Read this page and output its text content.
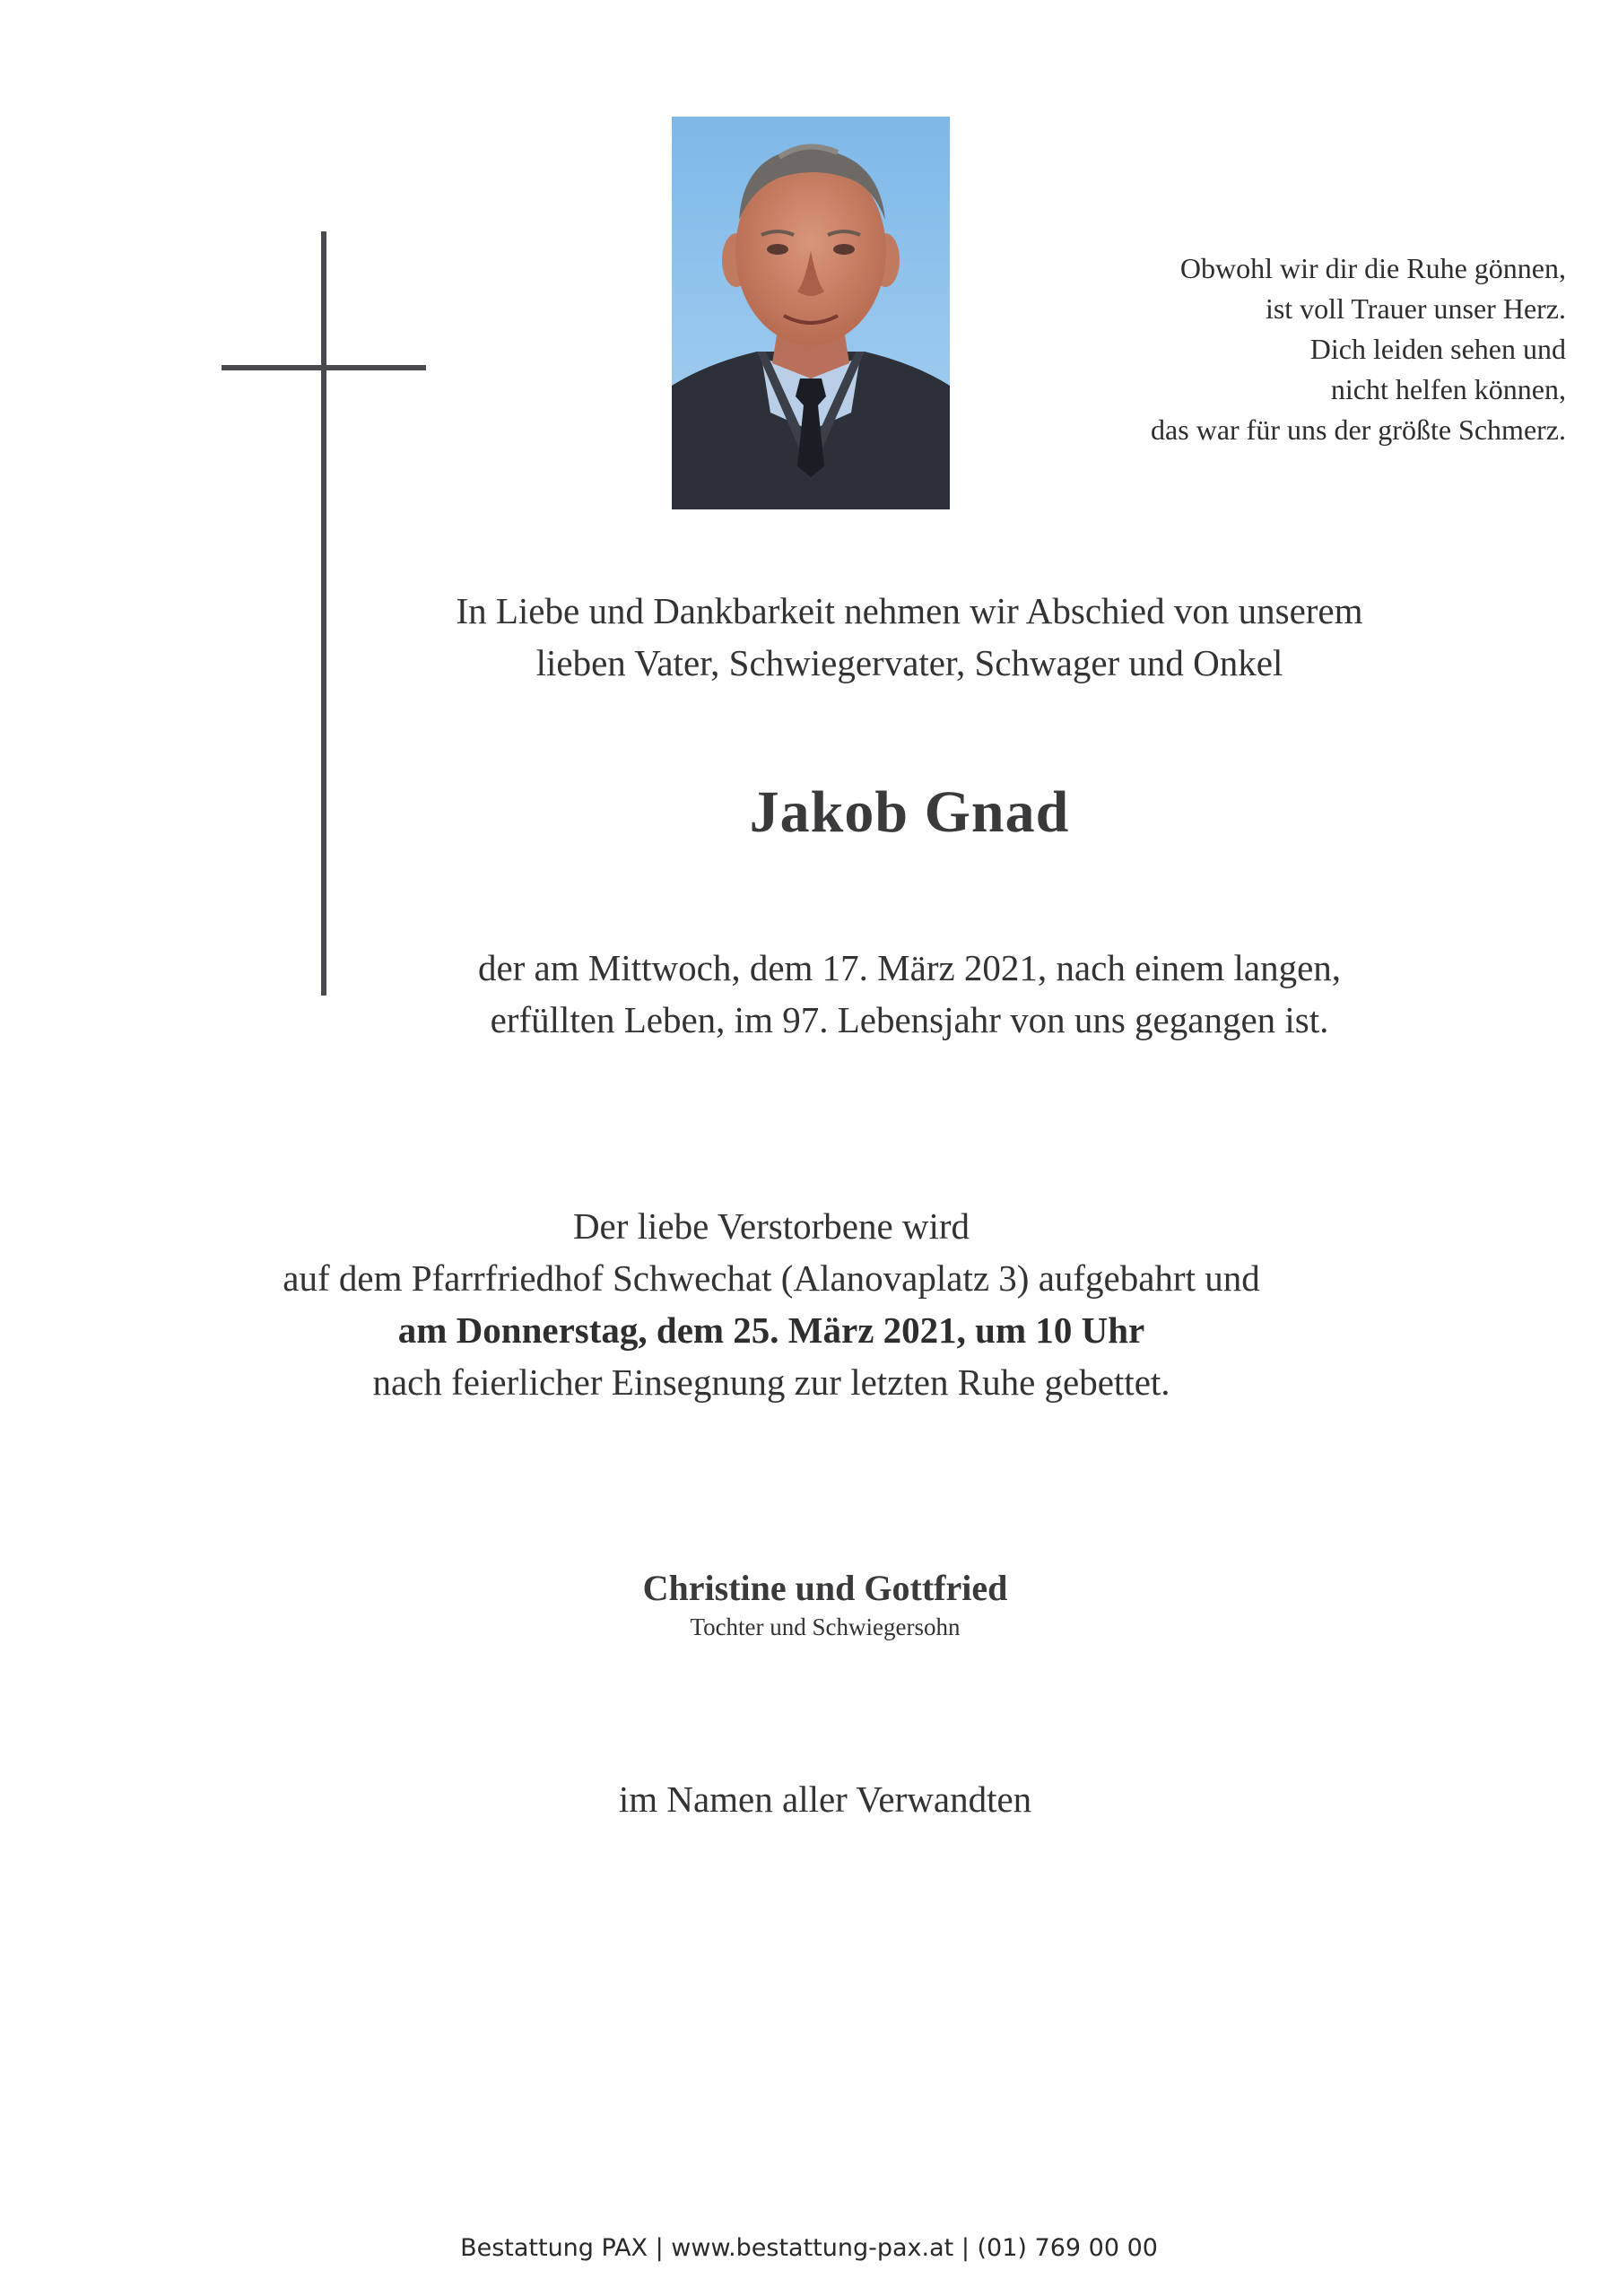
Obwohl wir dir die Ruhe gönnen,
ist voll Trauer unser Herz.
Dich leiden sehen und
nicht helfen können,
das war für uns der größte Schmerz.
In Liebe und Dankbarkeit nehmen wir Abschied von unserem
lieben Vater, Schwiegervater, Schwager und Onkel
Jakob Gnad
der am Mittwoch, dem 17. März 2021, nach einem langen,
erfüllten Leben, im 97. Lebensjahr von uns gegangen ist.
Der liebe Verstorbene wird
auf dem Pfarrfriedhof Schwechat (Alanovaplatz 3) aufgebahrt und
am Donnerstag, dem 25. März 2021, um 10 Uhr
nach feierlicher Einsegnung zur letzten Ruhe gebettet.
Christine und Gottfried
Tochter und Schwiegersohn
im Namen aller Verwandten
Bestattung PAX | www.bestattung-pax.at | (01) 769 00 00
